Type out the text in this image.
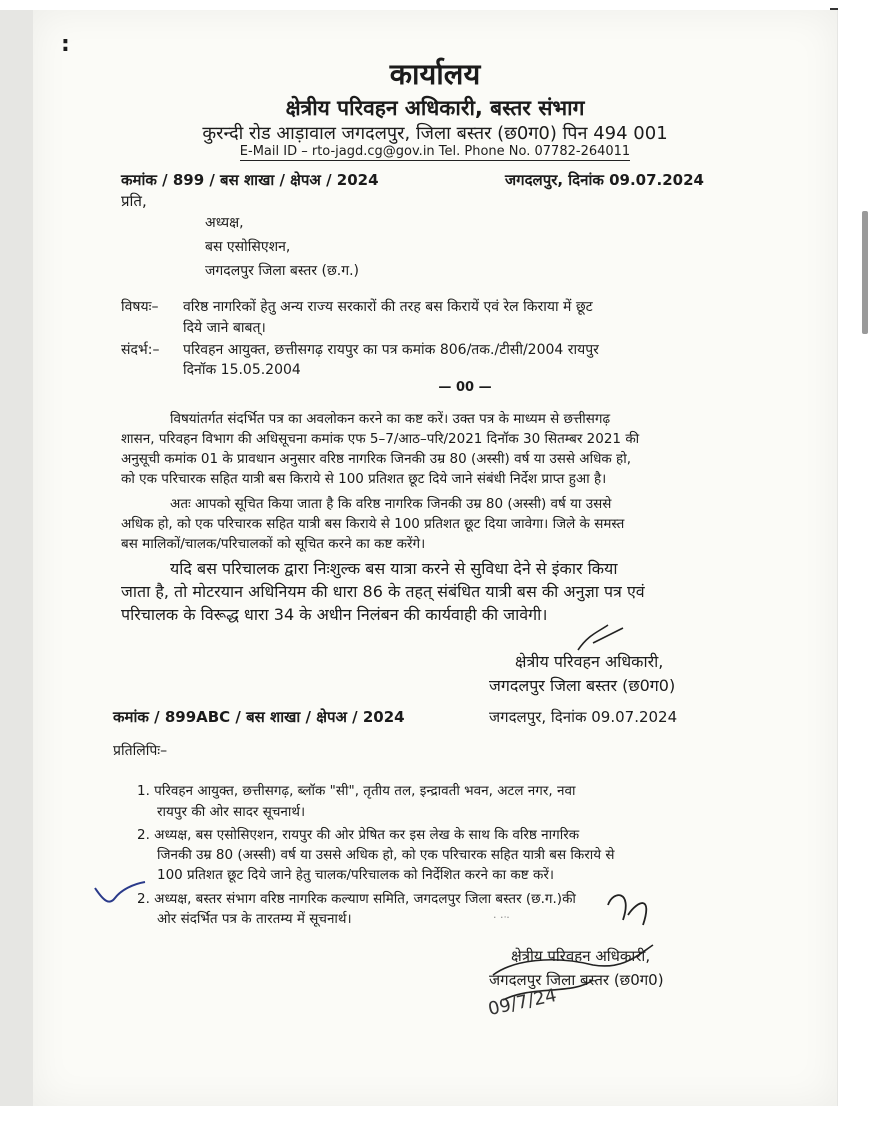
:
कार्यालय
क्षेत्रीय परिवहन अधिकारी, बस्तर संभाग
कुरन्दी रोड आड़ावाल जगदलपुर, जिला बस्तर (छ0ग0) पिन 494 001
E-Mail ID – rto-jagd.cg@gov.in Tel. Phone No. 07782-264011
कमांक / 899 / बस शाखा / क्षेपअ / 2024	जगदलपुर, दिनांक 09.07.2024
प्रति,
अध्यक्ष,
बस एसोसिएशन,
जगदलपुर जिला बस्तर (छ.ग.)
विषयः– वरिष्ठ नागरिकों हेतु अन्य राज्य सरकारों की तरह बस किरायें एवं रेल किराया में छूट
दिये जाने बाबत्।
संदर्भ:– परिवहन आयुक्त, छत्तीसगढ़ रायपुर का पत्र कमांक 806/तक./टीसी/2004 रायपुर
दिनॉक 15.05.2004
— 00 —
विषयांतर्गत संदर्भित पत्र का अवलोकन करने का कष्ट करें। उक्त पत्र के माध्यम से छत्तीसगढ़
शासन, परिवहन विभाग की अधिसूचना कमांक एफ 5–7/आठ–परि/2021 दिनॉक 30 सितम्बर 2021 की
अनुसूची कमांक 01 के प्रावधान अनुसार वरिष्ठ नागरिक जिनकी उम्र 80 (अस्सी) वर्ष या उससे अधिक हो,
को एक परिचारक सहित यात्री बस किराये से 100 प्रतिशत छूट दिये जाने संबंधी निर्देश प्राप्त हुआ है।
अतः आपको सूचित किया जाता है कि वरिष्ठ नागरिक जिनकी उम्र 80 (अस्सी) वर्ष या उससे
अधिक हो, को एक परिचारक सहित यात्री बस किराये से 100 प्रतिशत छूट दिया जावेगा। जिले के समस्त
बस मालिकों/चालक/परिचालकों को सूचित करने का कष्ट करेंगे।
यदि बस परिचालक द्वारा निःशुल्क बस यात्रा करने से सुविधा देने से इंकार किया
जाता है, तो मोटरयान अधिनियम की धारा 86 के तहत् संबंधित यात्री बस की अनुज्ञा पत्र एवं
परिचालक के विरूद्ध धारा 34 के अधीन निलंबन की कार्यवाही की जावेगी।
क्षेत्रीय परिवहन अधिकारी,
जगदलपुर जिला बस्तर (छ0ग0)
कमांक / 899ABC / बस शाखा / क्षेपअ / 2024	जगदलपुर, दिनांक 09.07.2024
प्रतिलिपिः–
1. परिवहन आयुक्त, छत्तीसगढ़, ब्लॉक "सी", तृतीय तल, इन्द्रावती भवन, अटल नगर, नवा
रायपुर की ओर सादर सूचनार्थ।
2. अध्यक्ष, बस एसोसिएशन, रायपुर की ओर प्रेषित कर इस लेख के साथ कि वरिष्ठ नागरिक
जिनकी उम्र 80 (अस्सी) वर्ष या उससे अधिक हो, को एक परिचारक सहित यात्री बस किराये से
100 प्रतिशत छूट दिये जाने हेतु चालक/परिचालक को निर्देशित करने का कष्ट करें।
2. अध्यक्ष, बस्तर संभाग वरिष्ठ नागरिक कल्याण समिति, जगदलपुर जिला बस्तर (छ.ग.)की
ओर संदर्भित पत्र के तारतम्य में सूचनार्थ।
क्षेत्रीय परिवहन अधिकारी,
जगदलपुर जिला बस्तर (छ0ग0)
09/7/24
· ·ᐧ·
